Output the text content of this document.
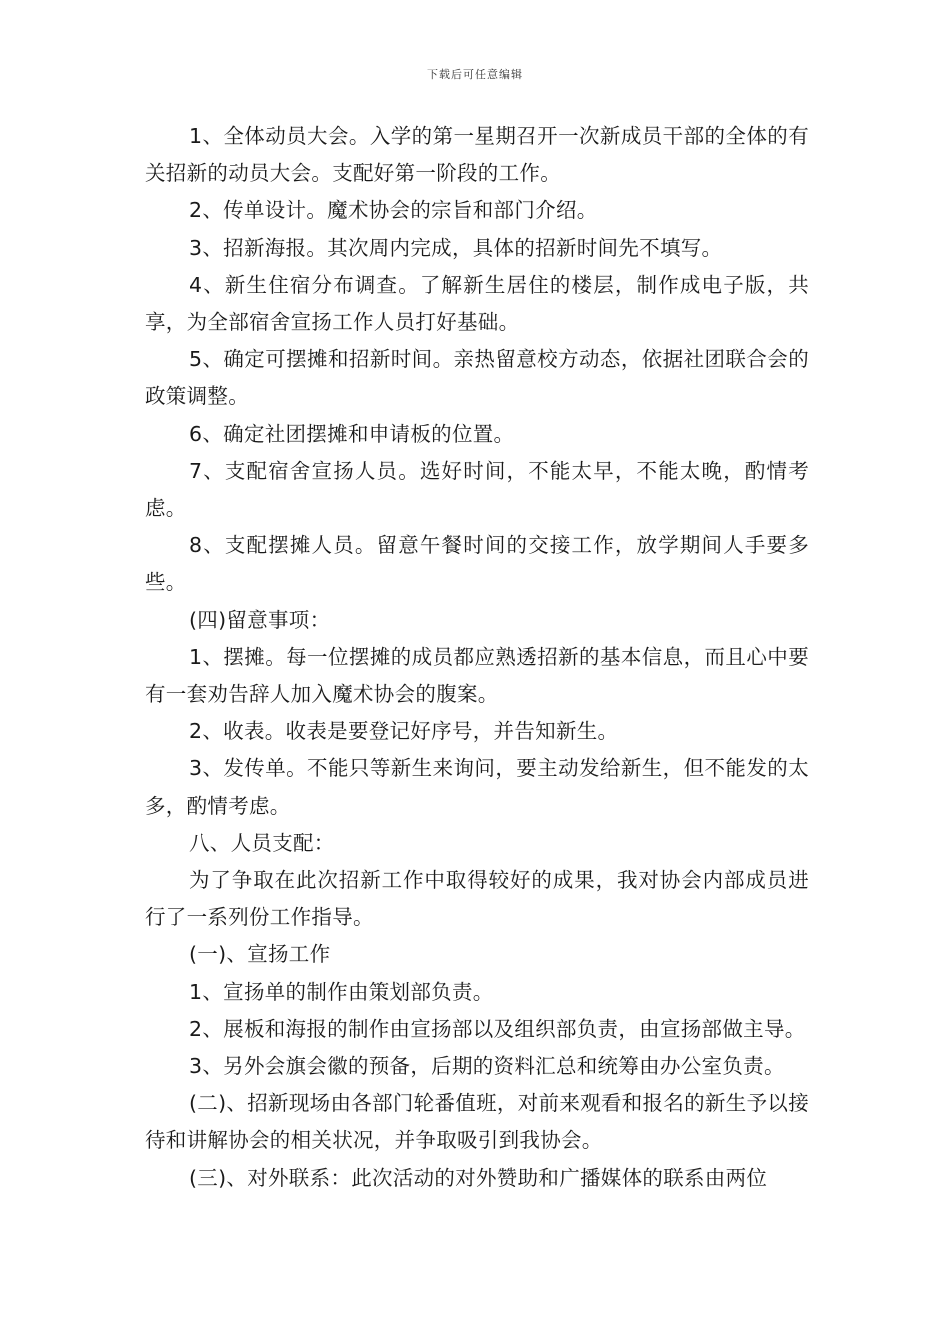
下载后可任意编辑

1、全体动员大会。入学的第一星期召开一次新成员干部的全体的有关招新的动员大会。支配好第一阶段的工作。

2、传单设计。魔术协会的宗旨和部门介绍。

3、招新海报。其次周内完成，具体的招新时间先不填写。

4、新生住宿分布调查。了解新生居住的楼层，制作成电子版，共享，为全部宿舍宣扬工作人员打好基础。

5、确定可摆摊和招新时间。亲热留意校方动态，依据社团联合会的政策调整。

6、确定社团摆摊和申请板的位置。

7、支配宿舍宣扬人员。选好时间，不能太早，不能太晚，酌情考虑。

8、支配摆摊人员。留意午餐时间的交接工作，放学期间人手要多些。

(四)留意事项：

1、摆摊。每一位摆摊的成员都应熟透招新的基本信息，而且心中要有一套劝告辞人加入魔术协会的腹案。

2、收表。收表是要登记好序号，并告知新生。

3、发传单。不能只等新生来询问，要主动发给新生，但不能发的太多，酌情考虑。

八、人员支配：

为了争取在此次招新工作中取得较好的成果，我对协会内部成员进行了一系列份工作指导。

(一)、宣扬工作

1、宣扬单的制作由策划部负责。

2、展板和海报的制作由宣扬部以及组织部负责，由宣扬部做主导。

3、另外会旗会徽的预备，后期的资料汇总和统筹由办公室负责。

(二)、招新现场由各部门轮番值班，对前来观看和报名的新生予以接待和讲解协会的相关状况，并争取吸引到我协会。

(三)、对外联系：此次活动的对外赞助和广播媒体的联系由两位
